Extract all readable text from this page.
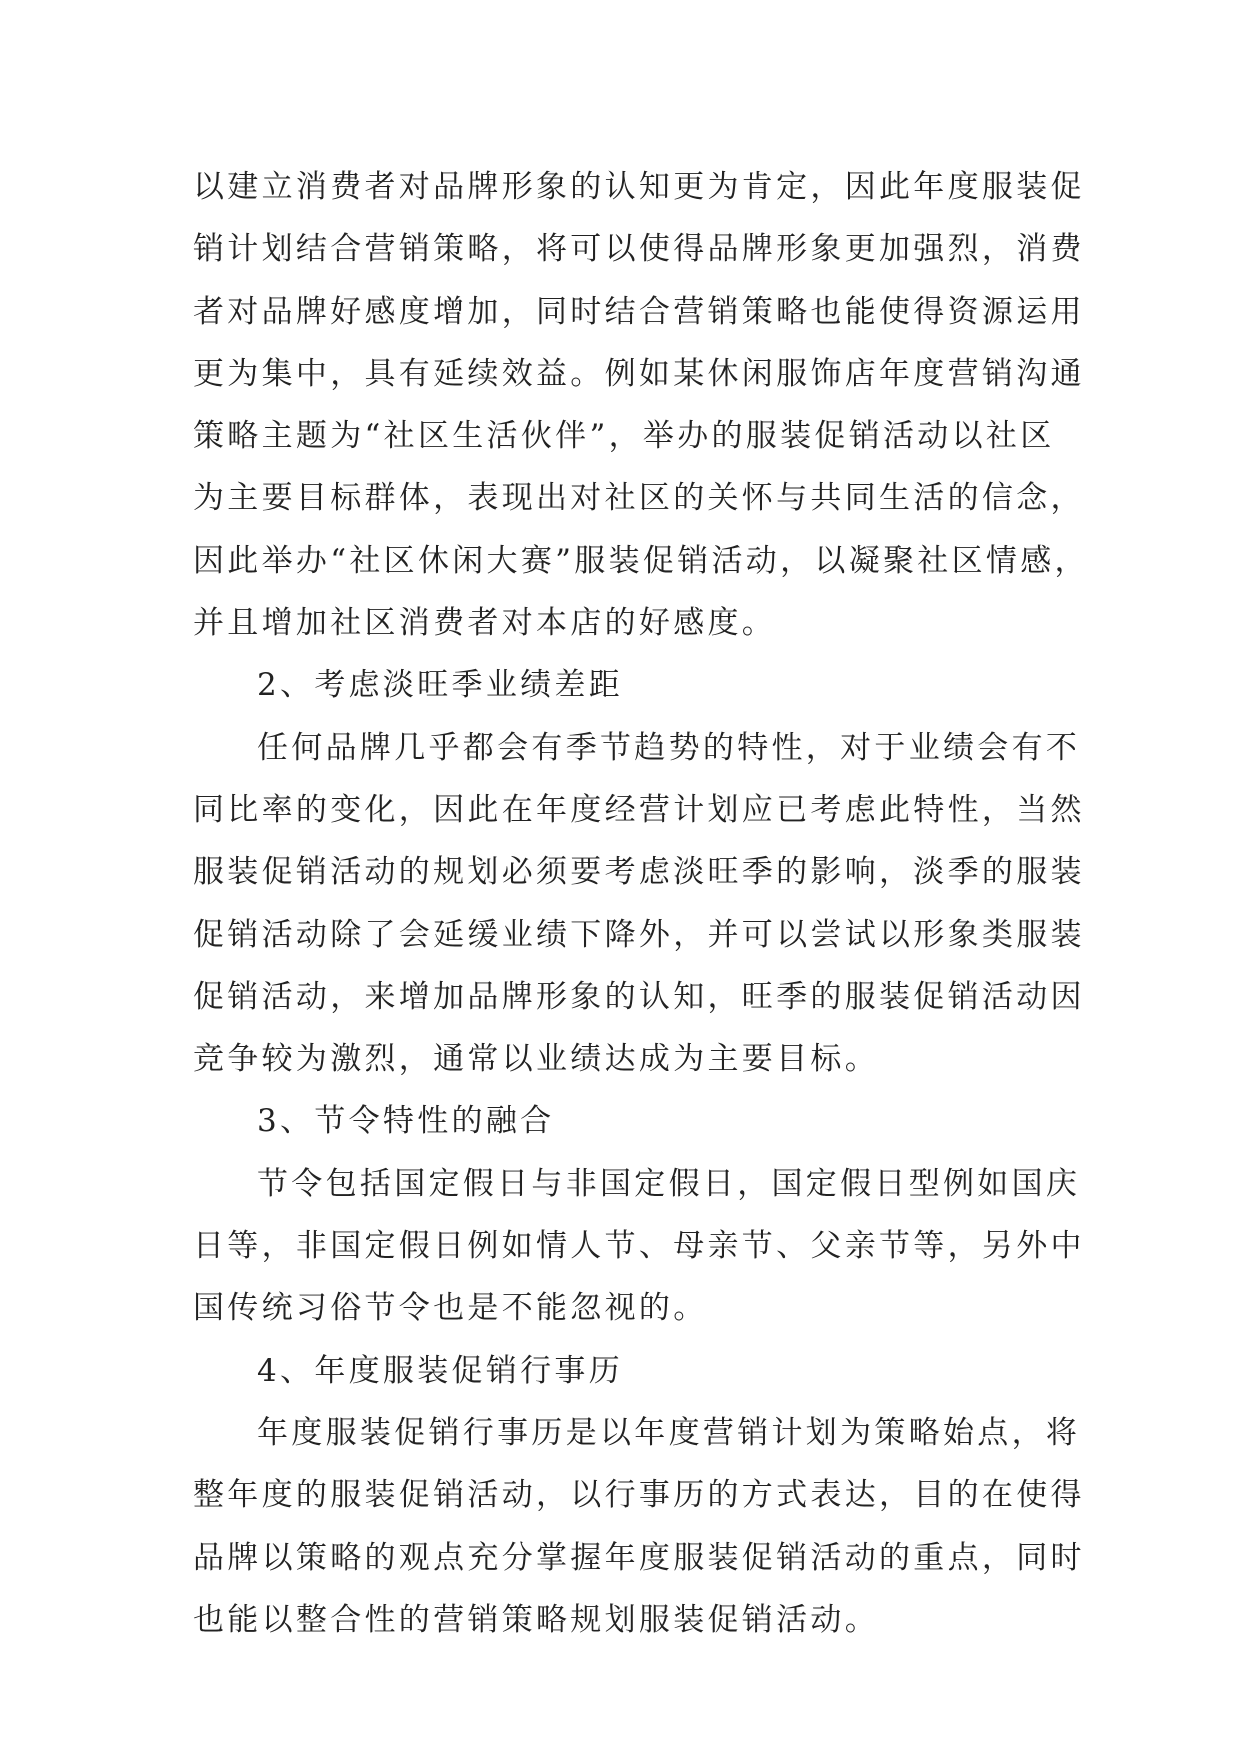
以建立消费者对品牌形象的认知更为肯定，因此年度服装促
销计划结合营销策略，将可以使得品牌形象更加强烈，消费
者对品牌好感度增加，同时结合营销策略也能使得资源运用
更为集中，具有延续效益。例如某休闲服饰店年度营销沟通
策略主题为“社区生活伙伴”，举办的服装促销活动以社区
为主要目标群体，表现出对社区的关怀与共同生活的信念，
因此举办“社区休闲大赛”服装促销活动，以凝聚社区情感，
并且增加社区消费者对本店的好感度。
2、考虑淡旺季业绩差距
任何品牌几乎都会有季节趋势的特性，对于业绩会有不
同比率的变化，因此在年度经营计划应已考虑此特性，当然
服装促销活动的规划必须要考虑淡旺季的影响，淡季的服装
促销活动除了会延缓业绩下降外，并可以尝试以形象类服装
促销活动，来增加品牌形象的认知，旺季的服装促销活动因
竞争较为激烈，通常以业绩达成为主要目标。
3、节令特性的融合
节令包括国定假日与非国定假日，国定假日型例如国庆
日等，非国定假日例如情人节、母亲节、父亲节等，另外中
国传统习俗节令也是不能忽视的。
4、年度服装促销行事历
年度服装促销行事历是以年度营销计划为策略始点，将
整年度的服装促销活动，以行事历的方式表达，目的在使得
品牌以策略的观点充分掌握年度服装促销活动的重点，同时
也能以整合性的营销策略规划服装促销活动。
